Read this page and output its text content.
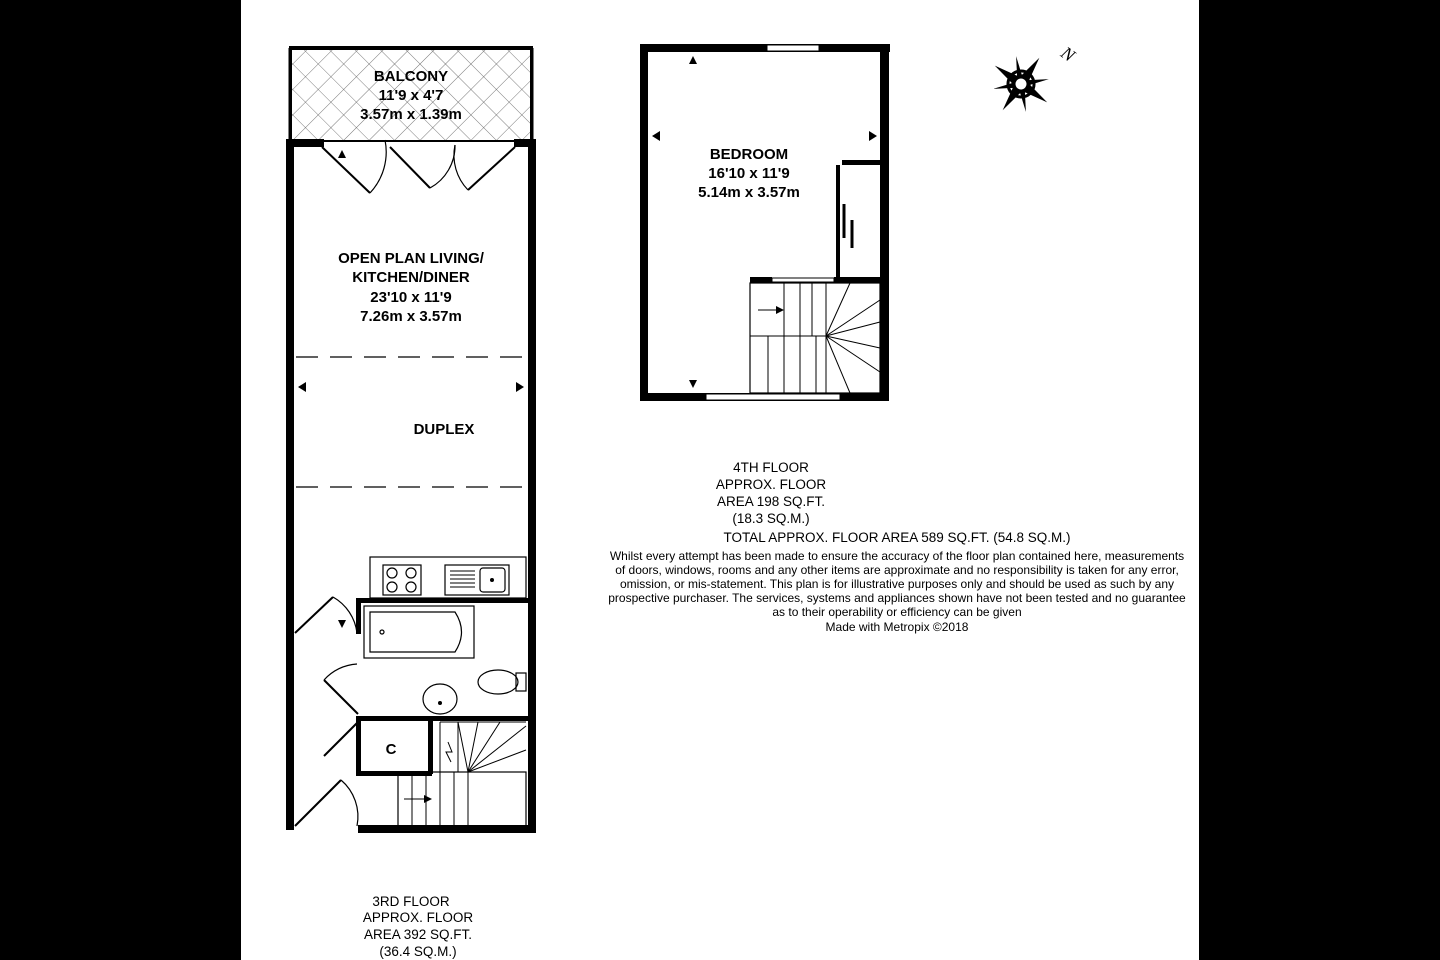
C
BALCONY
11'9 x 4'7
3.57m x 1.39m
OPEN PLAN LIVING/
KITCHEN/DINER
23'10 x 11'9
7.26m x 3.57m
DUPLEX
3RD FLOOR
APPROX. FLOOR
AREA 392 SQ.FT.
(36.4 SQ.M.)
BEDROOM
16'10 x 11'9
5.14m x 3.57m
4TH FLOOR
APPROX. FLOOR
AREA 198 SQ.FT.
(18.3 SQ.M.)
TOTAL APPROX. FLOOR AREA 589 SQ.FT. (54.8 SQ.M.)
Whilst every attempt has been made to ensure the accuracy of the floor plan contained here, measurements
of doors, windows, rooms and any other items are approximate and no responsibility is taken for any error,
omission, or mis-statement. This plan is for illustrative purposes only and should be used as such by any
prospective purchaser. The services, systems and appliances shown have not been tested and no guarantee
as to their operability or efficiency can be given
Made with Metropix ©2018
N
